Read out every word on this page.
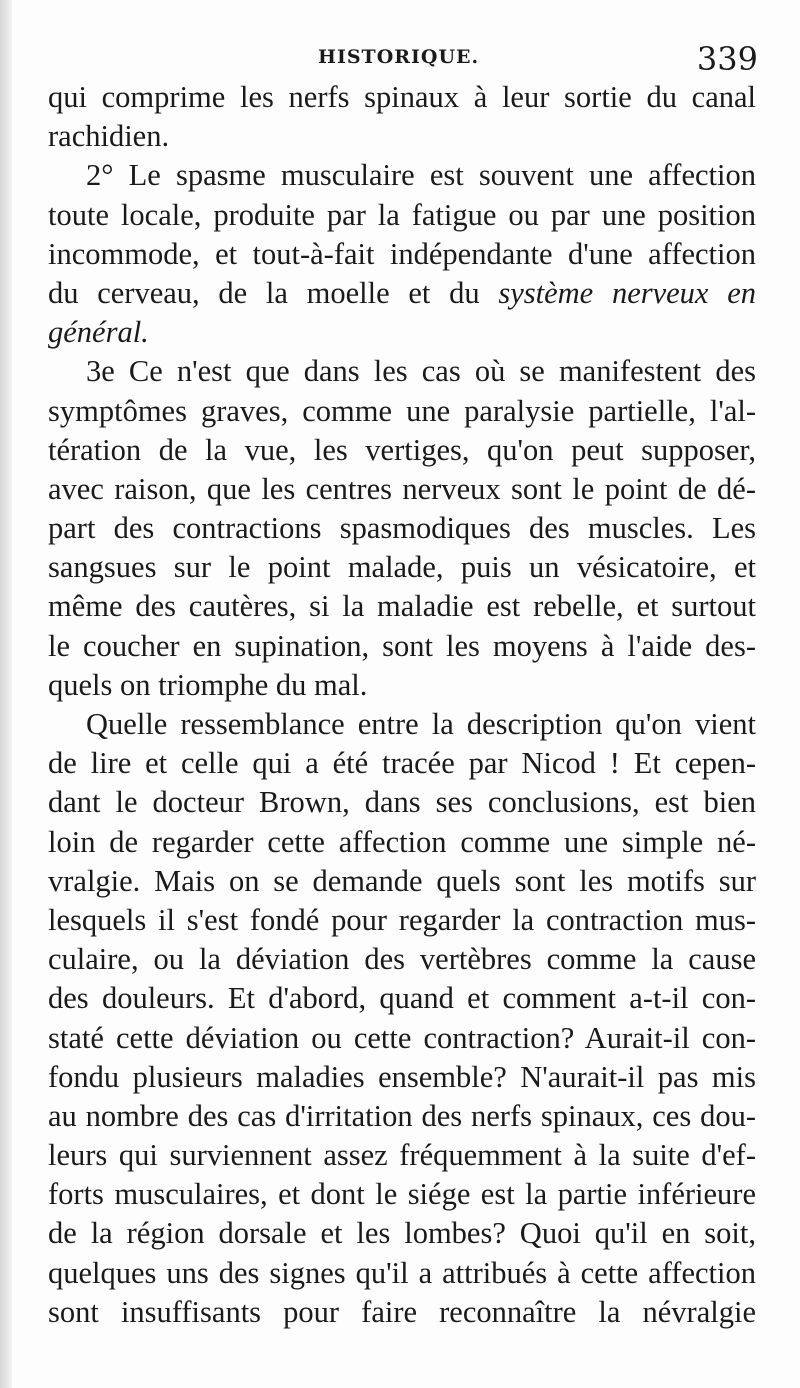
HISTORIQUE.	339
qui comprime les nerfs spinaux à leur sortie du canal
rachidien.
2° Le spasme musculaire est souvent une affection
toute locale, produite par la fatigue ou par une position
incommode, et tout-à-fait indépendante d'une affection
du cerveau, de la moelle et du système nerveux en
général.
3e Ce n'est que dans les cas où se manifestent des
symptômes graves, comme une paralysie partielle, l'al-
tération de la vue, les vertiges, qu'on peut supposer,
avec raison, que les centres nerveux sont le point de dé-
part des contractions spasmodiques des muscles. Les
sangsues sur le point malade, puis un vésicatoire, et
même des cautères, si la maladie est rebelle, et surtout
le coucher en supination, sont les moyens à l'aide des-
quels on triomphe du mal.
Quelle ressemblance entre la description qu'on vient
de lire et celle qui a été tracée par Nicod ! Et cepen-
dant le docteur Brown, dans ses conclusions, est bien
loin de regarder cette affection comme une simple né-
vralgie. Mais on se demande quels sont les motifs sur
lesquels il s'est fondé pour regarder la contraction mus-
culaire, ou la déviation des vertèbres comme la cause
des douleurs. Et d'abord, quand et comment a-t-il con-
staté cette déviation ou cette contraction? Aurait-il con-
fondu plusieurs maladies ensemble? N'aurait-il pas mis
au nombre des cas d'irritation des nerfs spinaux, ces dou-
leurs qui surviennent assez fréquemment à la suite d'ef-
forts musculaires, et dont le siége est la partie inférieure
de la région dorsale et les lombes? Quoi qu'il en soit,
quelques uns des signes qu'il a attribués à cette affection
sont insuffisants pour faire reconnaître la névralgie
